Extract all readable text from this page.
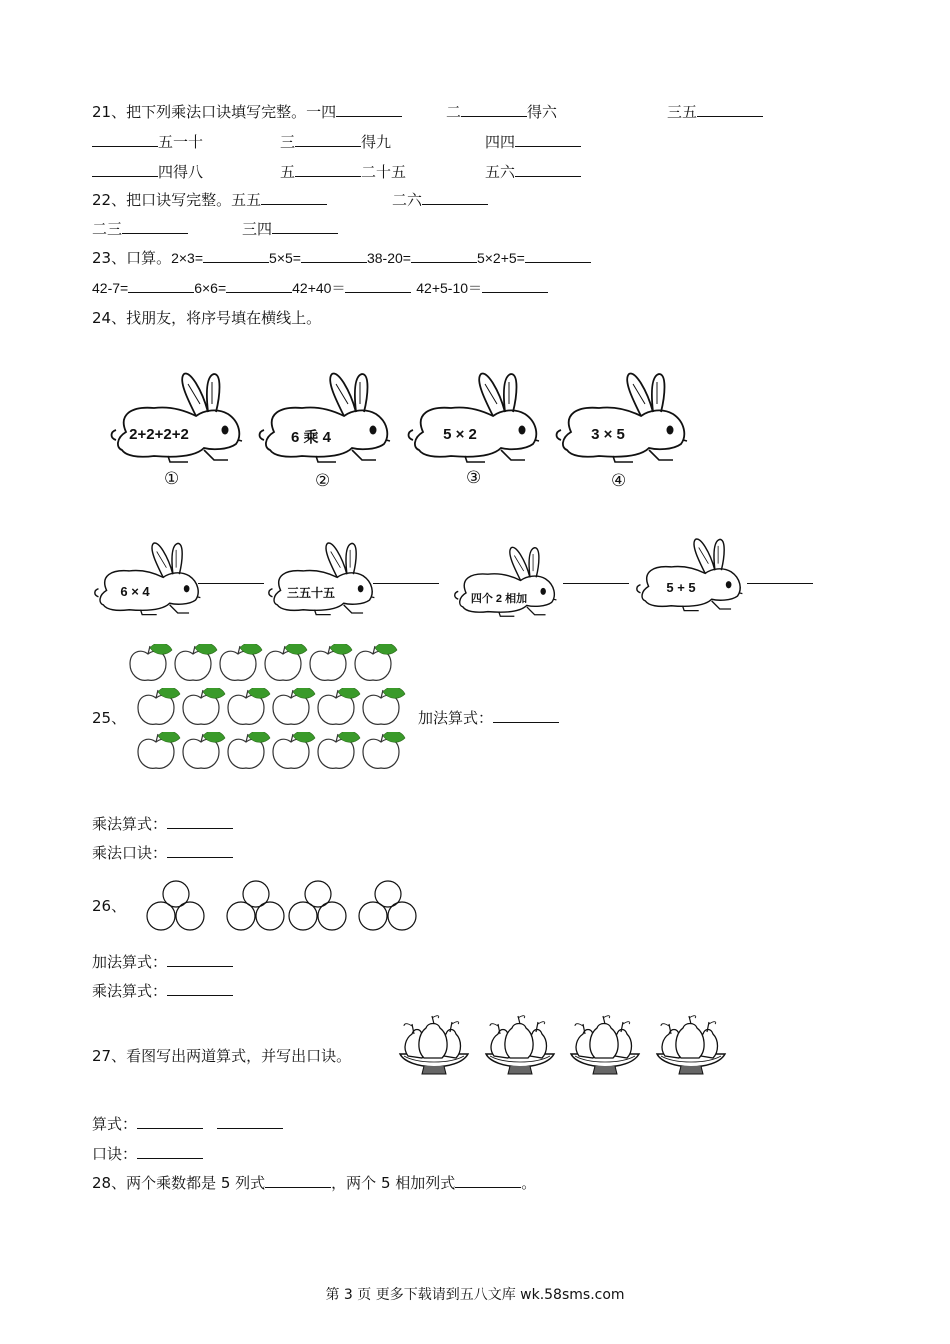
21、把下列乘法口诀填写完整。一四	二	得六	三五
五一十	三	得九	四四
四得八	五	二十五	五六
22、把口诀写完整。五五	二六
二三	三四
23、口算。2×3=	5×5=	38-20=	5×2+5=
42-7=	6×6=	42+40＝	42+5-10＝
24、找朋友，将序号填在横线上。
2+2+2+2	6 乘 4	5 × 2	3 × 5
①	②	③	④
6 × 4	三五十五	四个 2 相加
5 + 5
25、	加法算式：
乘法算式：
乘法口诀：
26、
加法算式：
乘法算式：
27、看图写出两道算式，并写出口诀。
算式：
口诀：
28、两个乘数都是 5 列式	，两个 5 相加列式	。
第 3 页 更多下载请到五八文库 wk.58sms.com
